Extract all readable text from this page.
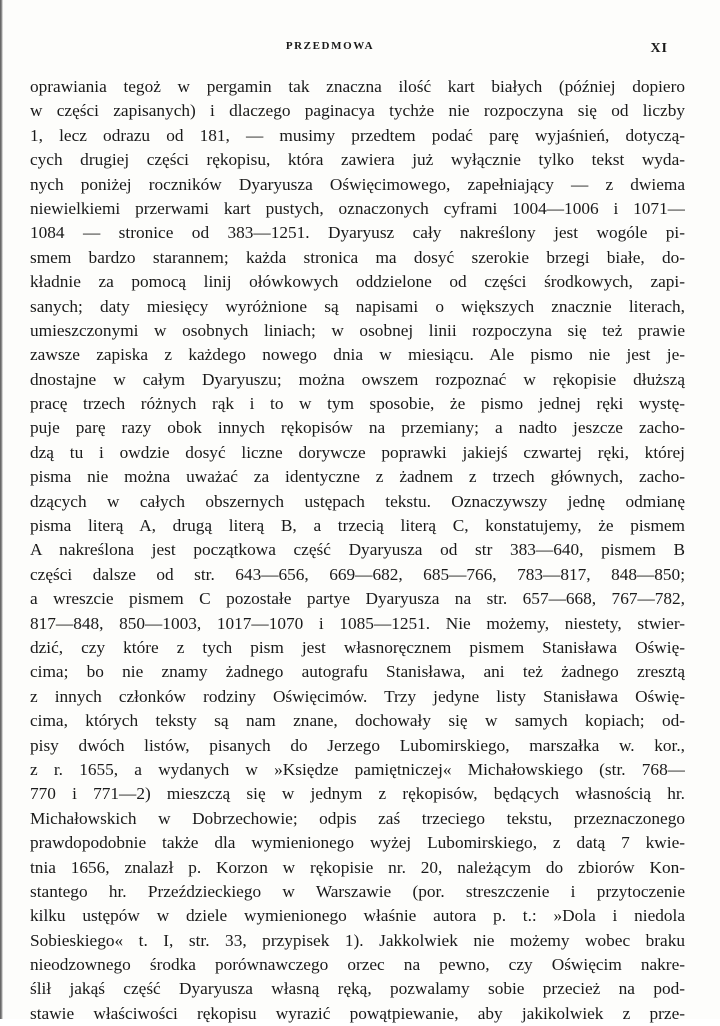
PRZEDMOWA	XI
oprawiania tegoż w pergamin tak znaczna ilość kart białych (później dopiero
w części zapisanych) i dlaczego paginacya tychże nie rozpoczyna się od liczby
1, lecz odrazu od 181, — musimy przedtem podać parę wyjaśnień, dotyczą-
cych drugiej części rękopisu, która zawiera już wyłącznie tylko tekst wyda-
nych poniżej roczników Dyaryusza Oświęcimowego, zapełniający — z dwiema
niewielkiemi przerwami kart pustych, oznaczonych cyframi 1004—1006 i 1071—
1084 — stronice od 383—1251. Dyaryusz cały nakreślony jest wogóle pi-
smem bardzo starannem; każda stronica ma dosyć szerokie brzegi białe, do-
kładnie za pomocą linij ołówkowych oddzielone od części środkowych, zapi-
sanych; daty miesięcy wyróżnione są napisami o większych znacznie literach,
umieszczonymi w osobnych liniach; w osobnej linii rozpoczyna się też prawie
zawsze zapiska z każdego nowego dnia w miesiącu. Ale pismo nie jest je-
dnostajne w całym Dyaryuszu; można owszem rozpoznać w rękopisie dłuższą
pracę trzech różnych rąk i to w tym sposobie, że pismo jednej ręki wystę-
puje parę razy obok innych rękopisów na przemiany; a nadto jeszcze zacho-
dzą tu i owdzie dosyć liczne dorywcze poprawki jakiejś czwartej ręki, której
pisma nie można uważać za identyczne z żadnem z trzech głównych, zacho-
dzących w całych obszernych ustępach tekstu. Oznaczywszy jednę odmianę
pisma literą A, drugą literą B, a trzecią literą C, konstatujemy, że pismem
A nakreślona jest początkowa część Dyaryusza od str 383—640, pismem B
części dalsze od str. 643—656, 669—682, 685—766, 783—817, 848—850;
a wreszcie pismem C pozostałe partye Dyaryusza na str. 657—668, 767—782,
817—848, 850—1003, 1017—1070 i 1085—1251. Nie możemy, niestety, stwier-
dzić, czy które z tych pism jest własnoręcznem pismem Stanisława Oświę-
cima; bo nie znamy żadnego autografu Stanisława, ani też żadnego zresztą
z innych członków rodziny Oświęcimów. Trzy jedyne listy Stanisława Oświę-
cima, których teksty są nam znane, dochowały się w samych kopiach; od-
pisy dwóch listów, pisanych do Jerzego Lubomirskiego, marszałka w. kor.,
z r. 1655, a wydanych w »Księdze pamiętniczej« Michałowskiego (str. 768—
770 i 771—2) mieszczą się w jednym z rękopisów, będących własnością hr.
Michałowskich w Dobrzechowie; odpis zaś trzeciego tekstu, przeznaczonego
prawdopodobnie także dla wymienionego wyżej Lubomirskiego, z datą 7 kwie-
tnia 1656, znalazł p. Korzon w rękopisie nr. 20, należącym do zbiorów Kon-
stantego hr. Przeździeckiego w Warszawie (por. streszczenie i przytoczenie
kilku ustępów w dziele wymienionego właśnie autora p. t.: »Dola i niedola
Sobieskiego« t. I, str. 33, przypisek 1). Jakkolwiek nie możemy wobec braku
nieodzownego środka porównawczego orzec na pewno, czy Oświęcim nakre-
ślił jakąś część Dyaryusza własną ręką, pozwalamy sobie przecież na pod-
stawie właściwości rękopisu wyrazić powątpiewanie, aby jakikolwiek z prze-
